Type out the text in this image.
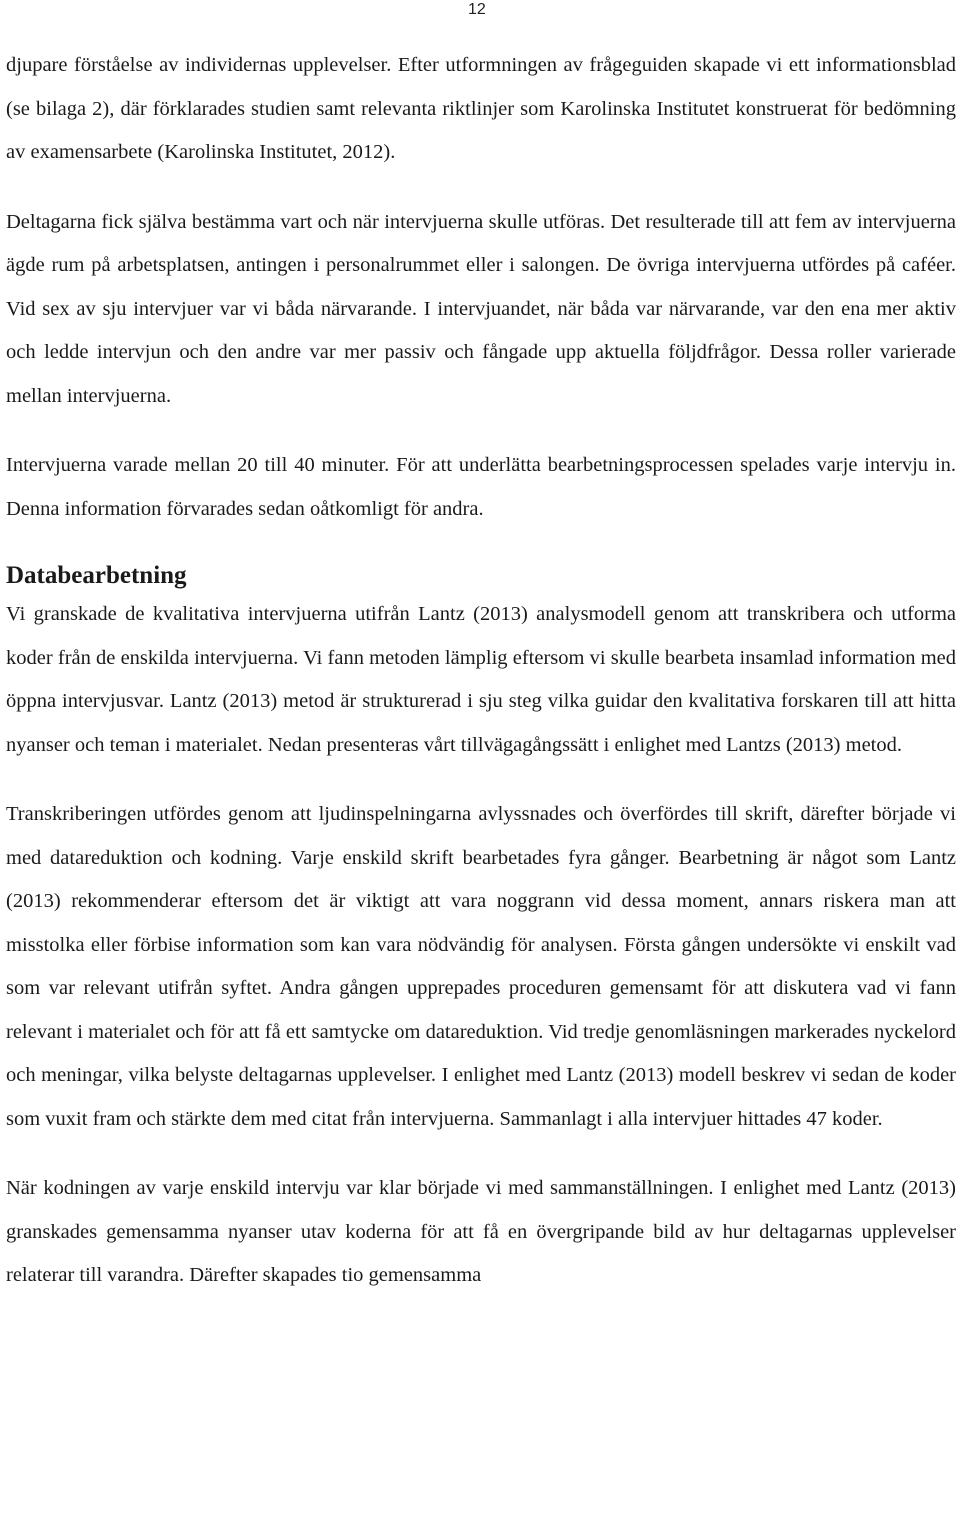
12

djupare förståelse av individernas upplevelser. Efter utformningen av frågeguiden skapade vi ett informationsblad (se bilaga 2), där förklarades studien samt relevanta riktlinjer som Karolinska Institutet konstruerat för bedömning av examensarbete (Karolinska Institutet, 2012).

Deltagarna fick själva bestämma vart och när intervjuerna skulle utföras. Det resulterade till att fem av intervjuerna ägde rum på arbetsplatsen, antingen i personalrummet eller i salongen. De övriga intervjuerna utfördes på caféer. Vid sex av sju intervjuer var vi båda närvarande. I intervjuandet, när båda var närvarande, var den ena mer aktiv och ledde intervjun och den andre var mer passiv och fångade upp aktuella följdfrågor. Dessa roller varierade mellan intervjuerna.

Intervjuerna varade mellan 20 till 40 minuter. För att underlätta bearbetningsprocessen spelades varje intervju in. Denna information förvarades sedan oåtkomligt för andra.

Databearbetning

Vi granskade de kvalitativa intervjuerna utifrån Lantz (2013) analysmodell genom att transkribera och utforma koder från de enskilda intervjuerna. Vi fann metoden lämplig eftersom vi skulle bearbeta insamlad information med öppna intervjusvar. Lantz (2013) metod är strukturerad i sju steg vilka guidar den kvalitativa forskaren till att hitta nyanser och teman i materialet. Nedan presenteras vårt tillvägagångssätt i enlighet med Lantzs (2013) metod.

Transkriberingen utfördes genom att ljudinspelningarna avlyssnades och överfördes till skrift, därefter började vi med datareduktion och kodning. Varje enskild skrift bearbetades fyra gånger. Bearbetning är något som Lantz (2013) rekommenderar eftersom det är viktigt att vara noggrann vid dessa moment, annars riskera man att misstolka eller förbise information som kan vara nödvändig för analysen. Första gången undersökte vi enskilt vad som var relevant utifrån syftet. Andra gången upprepades proceduren gemensamt för att diskutera vad vi fann relevant i materialet och för att få ett samtycke om datareduktion. Vid tredje genomläsningen markerades nyckelord och meningar, vilka belyste deltagarnas upplevelser. I enlighet med Lantz (2013) modell beskrev vi sedan de koder som vuxit fram och stärkte dem med citat från intervjuerna. Sammanlagt i alla intervjuer hittades 47 koder.

När kodningen av varje enskild intervju var klar började vi med sammanställningen. I enlighet med Lantz (2013) granskades gemensamma nyanser utav koderna för att få en övergripande bild av hur deltagarnas upplevelser relaterar till varandra. Därefter skapades tio gemensamma
